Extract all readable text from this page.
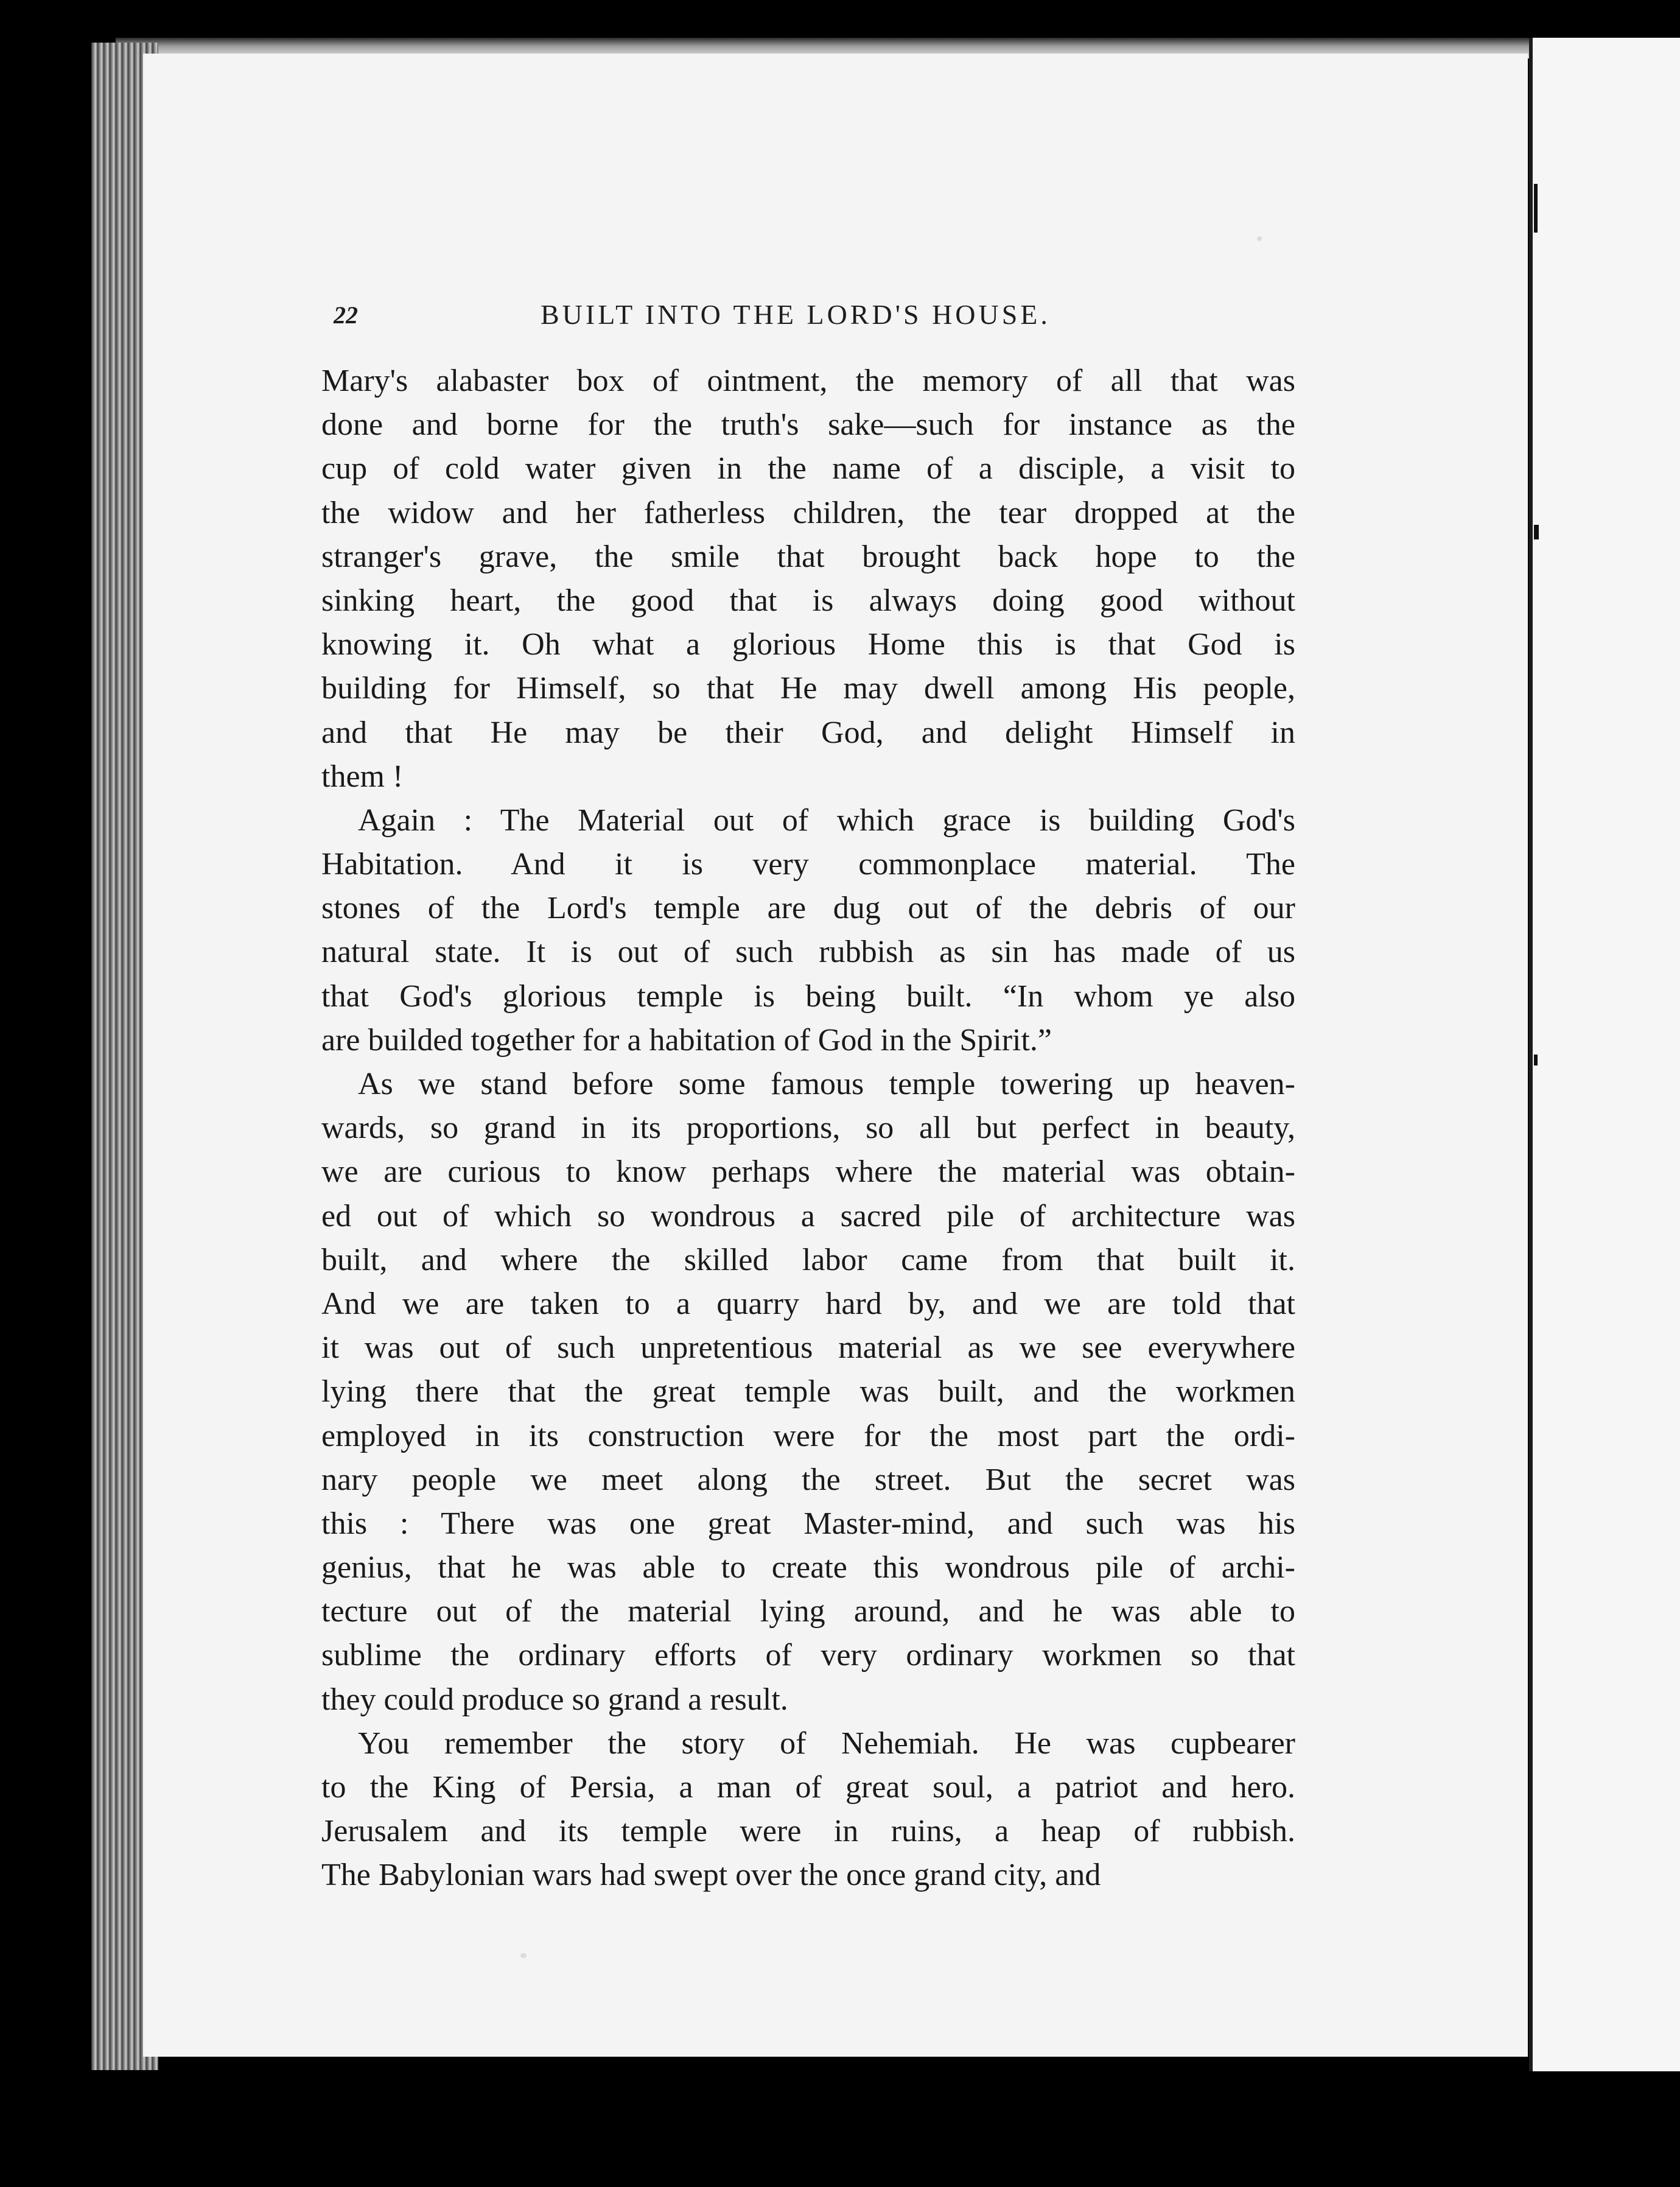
22	BUILT INTO THE LORD'S HOUSE.
Mary's alabaster box of ointment, the memory of all that was
done and borne for the truth's sake—such for instance as the
cup of cold water given in the name of a disciple, a visit to
the widow and her fatherless children, the tear dropped at the
stranger's grave, the smile that brought back hope to the
sinking heart, the good that is always doing good without
knowing it. Oh what a glorious Home this is that God is
building for Himself, so that He may dwell among His people,
and that He may be their God, and delight Himself in
them !
Again : The Material out of which grace is building God's
Habitation. And it is very commonplace material. The
stones of the Lord's temple are dug out of the debris of our
natural state. It is out of such rubbish as sin has made of us
that God's glorious temple is being built. “In whom ye also
are builded together for a habitation of God in the Spirit.”
As we stand before some famous temple towering up heaven-
wards, so grand in its proportions, so all but perfect in beauty,
we are curious to know perhaps where the material was obtain-
ed out of which so wondrous a sacred pile of architecture was
built, and where the skilled labor came from that built it.
And we are taken to a quarry hard by, and we are told that
it was out of such unpretentious material as we see everywhere
lying there that the great temple was built, and the workmen
employed in its construction were for the most part the ordi-
nary people we meet along the street. But the secret was
this : There was one great Master-mind, and such was his
genius, that he was able to create this wondrous pile of archi-
tecture out of the material lying around, and he was able to
sublime the ordinary efforts of very ordinary workmen so that
they could produce so grand a result.
You remember the story of Nehemiah. He was cupbearer
to the King of Persia, a man of great soul, a patriot and hero.
Jerusalem and its temple were in ruins, a heap of rubbish.
The Babylonian wars had swept over the once grand city, and
